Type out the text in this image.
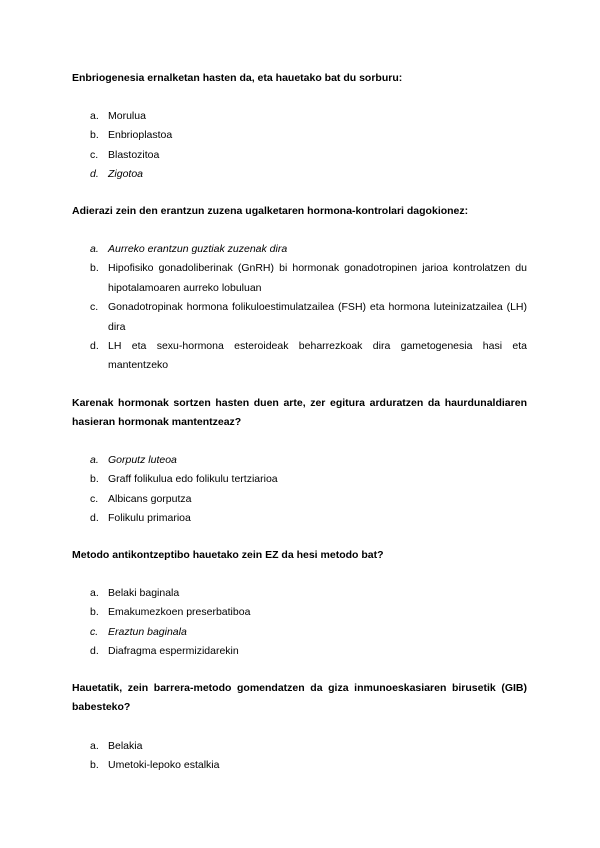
Enbriogenesia ernalketan hasten da, eta hauetako bat du sorburu:
a. Morulua
b. Enbrioplastoa
c. Blastozitoa
d. Zigotoa
Adierazi zein den erantzun zuzena ugalketaren hormona-kontrolari dagokionez:
a. Aurreko erantzun guztiak zuzenak dira
b. Hipofisiko gonadoliberinak (GnRH) bi hormonak gonadotropinen jarioa kontrolatzen du hipotalamoaren aurreko lobuluan
c. Gonadotropinak hormona folikuloestimulatzailea (FSH) eta hormona luteinizatzailea (LH) dira
d. LH eta sexu-hormona esteroideak beharrezkoak dira gametogenesia hasi eta mantentzeko
Karenak hormonak sortzen hasten duen arte, zer egitura arduratzen da haurdunaldiaren hasieran hormonak mantentzeaz?
a. Gorputz luteoa
b. Graff folikulua edo folikulu tertziarioa
c. Albicans gorputza
d. Folikulu primarioa
Metodo antikontzeptibo hauetako zein EZ da hesi metodo bat?
a. Belaki baginala
b. Emakumezkoen preserbatiboa
c. Eraztun baginala
d. Diafragma espermizidarekin
Hauetatik, zein barrera-metodo gomendatzen da giza inmunoeskasiaren birusetik (GIB) babesteko?
a. Belakia
b. Umetoki-lepoko estalkia
